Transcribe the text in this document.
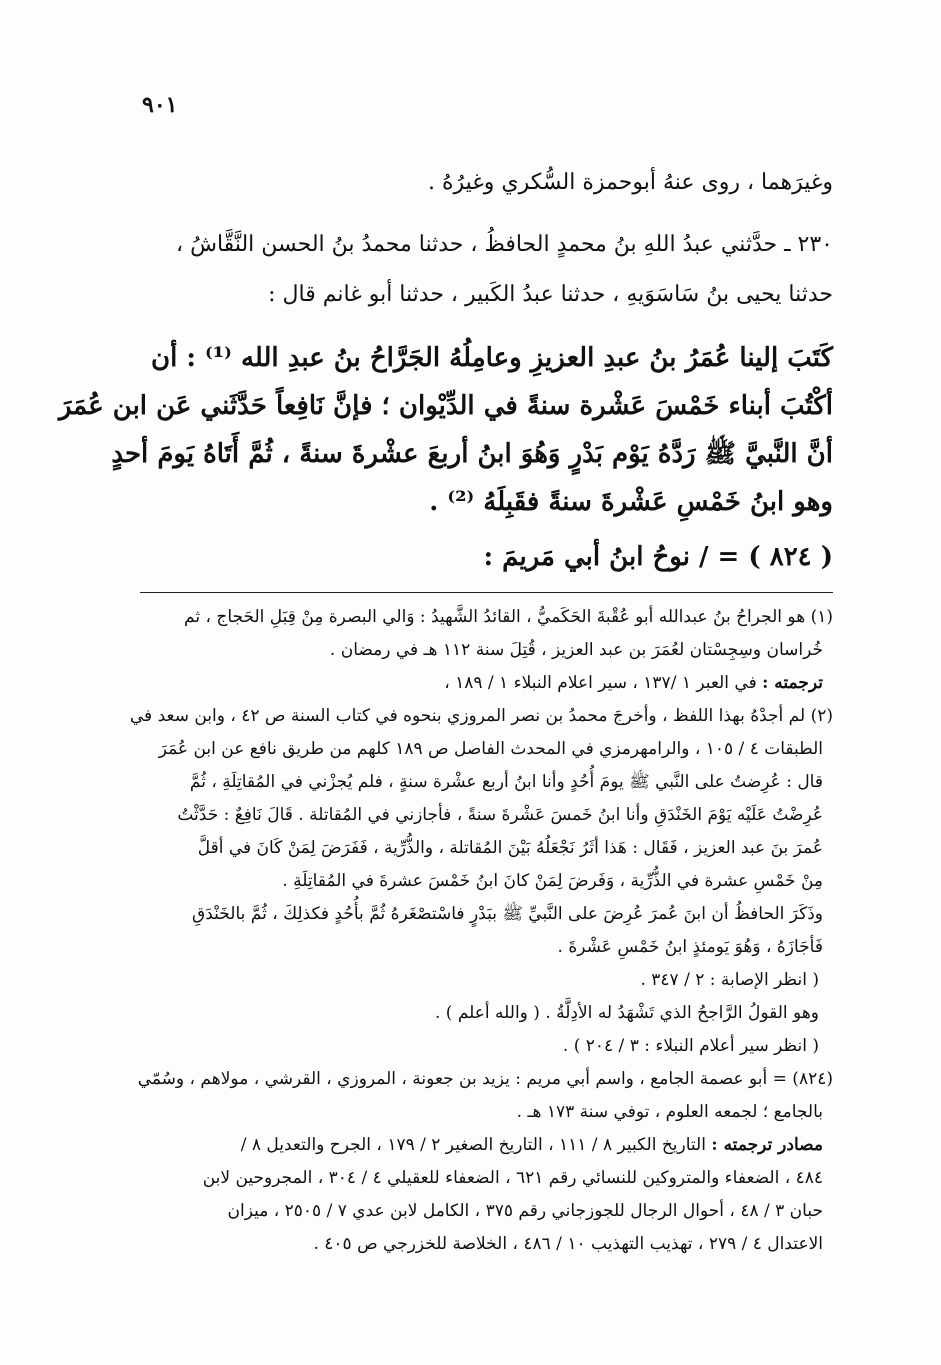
٩٠١

وغيرَهما ، روى عنهُ أبوحمزة السُّكري وغيرُهُ .

٢٣٠ ـ حدَّثني عبدُ اللهِ بنُ محمدٍ الحافظُ ، حدثنا محمدُ بنُ الحسن النَّقَّاشُ ،

حدثنا يحيى بنُ سَاسَوَيهِ ، حدثنا عبدُ الكَبير ، حدثنا أبو غانم قال :

كَتَبَ إلينا عُمَرُ بنُ عبدِ العزيزِ وعامِلُهُ الجَرَّاحُ بنُ عبدِ الله ⁽¹⁾ : أن

أكْتُبَ أبناء خَمْسَ عَشْرة سنةً في الدِّيْوان ؛ فإنَّ نَافِعاً حَدَّثَني عَن ابن عُمَرَ

أنَّ النَّبيَّ ﷺ رَدَّهُ يَوْم بَدْرٍ وَهُوَ ابنُ أربعَ عشْرةَ سنةً ، ثُمَّ أَتَاهُ يَومَ أحدٍ

وهو ابنُ خَمْسِ عَشْرةَ سنةً فقَبِلَهُ ⁽²⁾ .

( ٨٢٤ ) = / نوحُ ابنُ أبي مَريمَ :

(١) هو الجراحُ بنُ عبدالله أبو عُقْبةَ الحَكَميُّ ، القائدُ الشَّهيدُ : وَالي البصرة مِنْ قِبَلِ الحَجاج ، ثم

خُراسان وسِجِسْتان لعُمَرَ بن عبد العزيز ، قُتِلَ سنة ١١٢ هـ في رمضان .

ترجمته : في العبر ١ /١٣٧ ، سير اعلام النبلاء ١ / ١٨٩ ،

(٢) لم أجدْهُ بهذا اللفظ ، وأخرجَ محمدُ بن نصر المروزي بنحوه في كتاب السنة ص ٤٢ ، وابن سعد في

الطبقات ٤ / ١٠٥ ، والرامهرمزي في المحدث الفاصل ص ١٨٩ كلهم من طريق نافع عن ابن عُمَرَ

قال : عُرِضتُ على النَّبي ﷺ يومَ أُحُدٍ وأنا ابنُ أربع عشْرة سنةٍ ، فلم يُجزْني في المُقاتِلَةِ ، ثُمَّ

عُرِضْتُ عَلَيْه يَوْمَ الخَنْدَقِ وأنا ابنُ خَمسَ عَشْرةَ سنةً ، فأجازني في المُقاتلة . قَالَ نَافِعٌ : حَدَّثْتُ

عُمرَ بنَ عبد العزيز ، فَقَال : هَذا أثَرُ نَجْعَلُهُ بَيْنَ المُقاتلة ، والذُّرِّية ، فَفَرَضَ لِمَنْ كَانَ في أقلَّ

مِنْ خَمْسِ عشرة في الذُّرِّية ، وَفَرضَ لِمَنْ كانَ ابنُ خَمْسَ عشرةَ في المُقاتِلَةِ .

وذَكَرَ الحافظُ أن ابنَ عُمرَ عُرِضَ على النَّبيِّ ﷺ ببَدْرٍ فاسْتصْغَرهُ ثُمَّ بأُحُدٍ فكذلِكَ ، ثُمَّ بالخَنْدَقِ

فَأجَازَهُ ، وَهُوَ يَومئذٍ ابنُ خَمْسِ عَشْرةَ .

( انظر الإصابة : ٢ / ٣٤٧ .

وهو القولُ الرَّاجحُ الذي تَشْهَدُ له الأدِلَّةُ . ( والله أعلم ) .

( انظر سير أعلام النبلاء : ٣ / ٢٠٤ ) .

(٨٢٤) = أبو عصمة الجامع ، واسم أبي مريم : يزيد بن جعونة ، المروزي ، القرشي ، مولاهم ، وسُمّي

بالجامع ؛ لجمعه العلوم ، توفي سنة ١٧٣ هـ .

مصادر ترجمته : التاريخ الكبير ٨ / ١١١ ، التاريخ الصغير ٢ / ١٧٩ ، الجرح والتعديل ٨ /

٤٨٤ ، الضعفاء والمتروكين للنسائي رقم ٦٢١ ، الضعفاء للعقيلي ٤ / ٣٠٤ ، المجروحين لابن

حبان ٣ / ٤٨ ، أحوال الرجال للجوزجاني رقم ٣٧٥ ، الكامل لابن عدي ٧ / ٢٥٠٥ ، ميزان

الاعتدال ٤ / ٢٧٩ ، تهذيب التهذيب ١٠ / ٤٨٦ ، الخلاصة للخزرجي ص ٤٠٥ .
